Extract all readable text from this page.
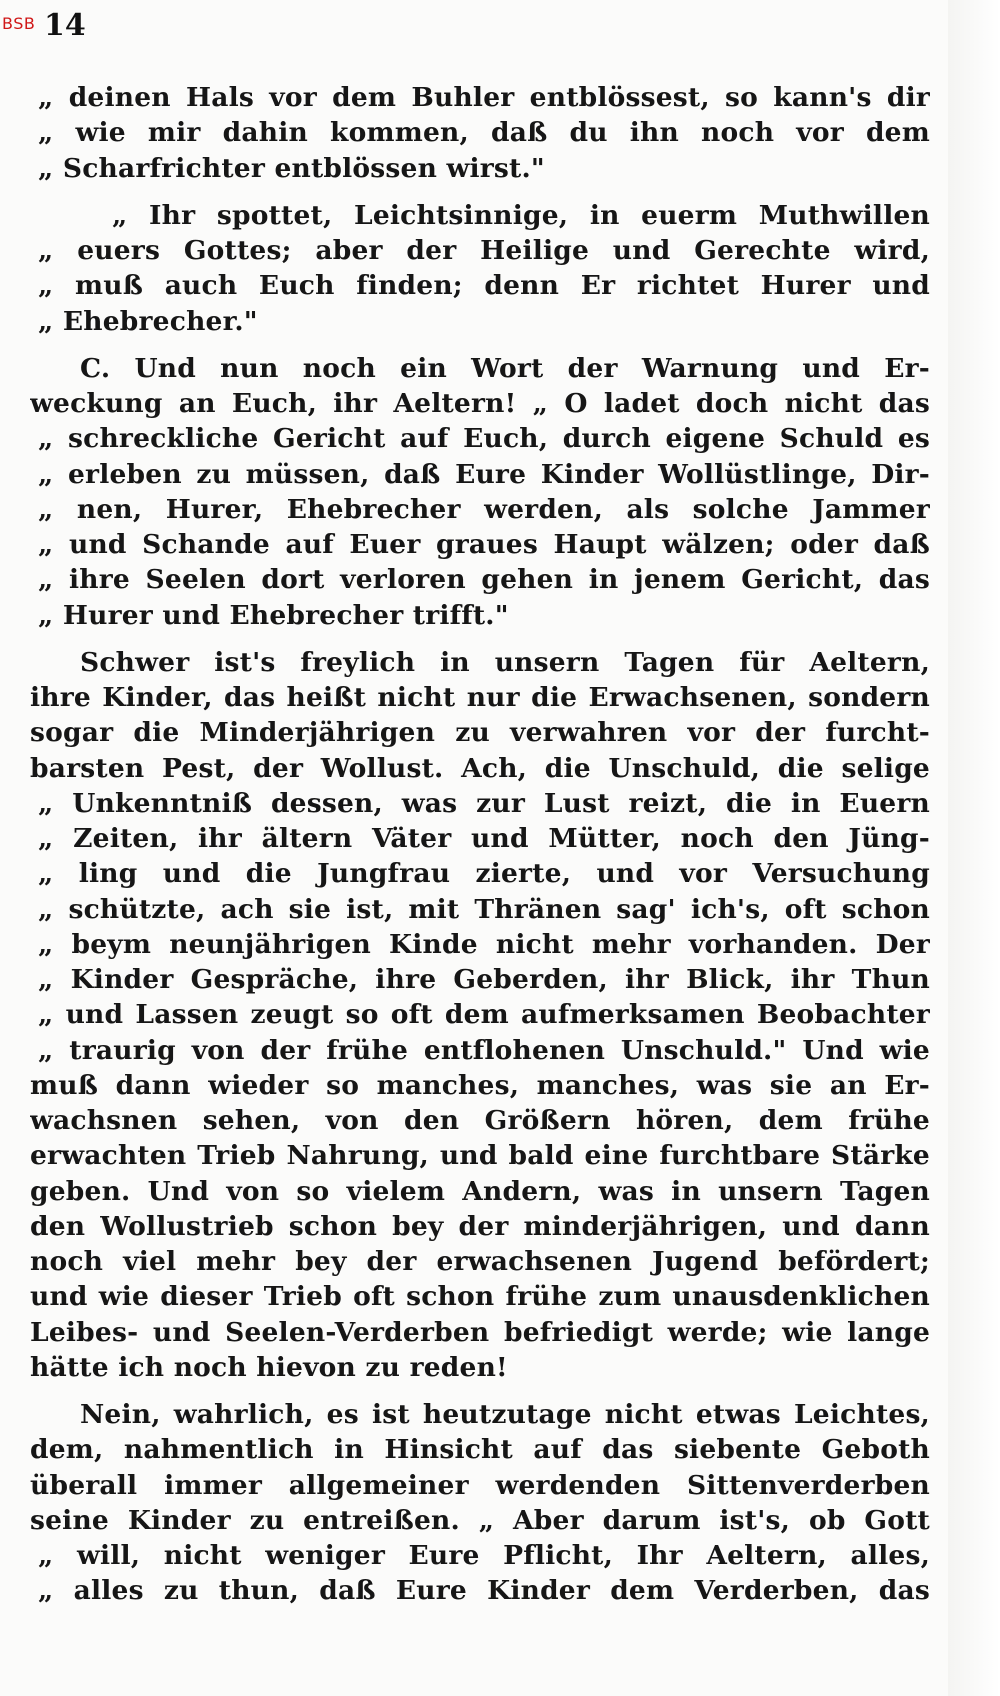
BSB 14
„ deinen Hals vor dem Buhler entblössest, so kann's dir
„ wie mir dahin kommen, daß du ihn noch vor dem
„ Scharfrichter entblössen wirst."
„ Ihr spottet, Leichtsinnige, in euerm Muthwillen
„ euers Gottes; aber der Heilige und Gerechte wird,
„ muß auch Euch finden; denn Er richtet Hurer und
„ Ehebrecher."
C. Und nun noch ein Wort der Warnung und Er-
weckung an Euch, ihr Aeltern! „ O ladet doch nicht das
„ schreckliche Gericht auf Euch, durch eigene Schuld es
„ erleben zu müssen, daß Eure Kinder Wollüstlinge, Dir-
„ nen, Hurer, Ehebrecher werden, als solche Jammer
„ und Schande auf Euer graues Haupt wälzen; oder daß
„ ihre Seelen dort verloren gehen in jenem Gericht, das
„ Hurer und Ehebrecher trifft."
Schwer ist's freylich in unsern Tagen für Aeltern,
ihre Kinder, das heißt nicht nur die Erwachsenen, sondern
sogar die Minderjährigen zu verwahren vor der furcht-
barsten Pest, der Wollust. Ach, die Unschuld, die selige
„ Unkenntniß dessen, was zur Lust reizt, die in Euern
„ Zeiten, ihr ältern Väter und Mütter, noch den Jüng-
„ ling und die Jungfrau zierte, und vor Versuchung
„ schützte, ach sie ist, mit Thränen sag' ich's, oft schon
„ beym neunjährigen Kinde nicht mehr vorhanden. Der
„ Kinder Gespräche, ihre Geberden, ihr Blick, ihr Thun
„ und Lassen zeugt so oft dem aufmerksamen Beobachter
„ traurig von der frühe entflohenen Unschuld." Und wie
muß dann wieder so manches, manches, was sie an Er-
wachsnen sehen, von den Größern hören, dem frühe
erwachten Trieb Nahrung, und bald eine furchtbare Stärke
geben. Und von so vielem Andern, was in unsern Tagen
den Wollustrieb schon bey der minderjährigen, und dann
noch viel mehr bey der erwachsenen Jugend befördert;
und wie dieser Trieb oft schon frühe zum unausdenklichen
Leibes- und Seelen-Verderben befriedigt werde; wie lange
hätte ich noch hievon zu reden!
Nein, wahrlich, es ist heutzutage nicht etwas Leichtes,
dem, nahmentlich in Hinsicht auf das siebente Geboth
überall immer allgemeiner werdenden Sittenverderben
seine Kinder zu entreißen. „ Aber darum ist's, ob Gott
„ will, nicht weniger Eure Pflicht, Ihr Aeltern, alles,
„ alles zu thun, daß Eure Kinder dem Verderben, das
